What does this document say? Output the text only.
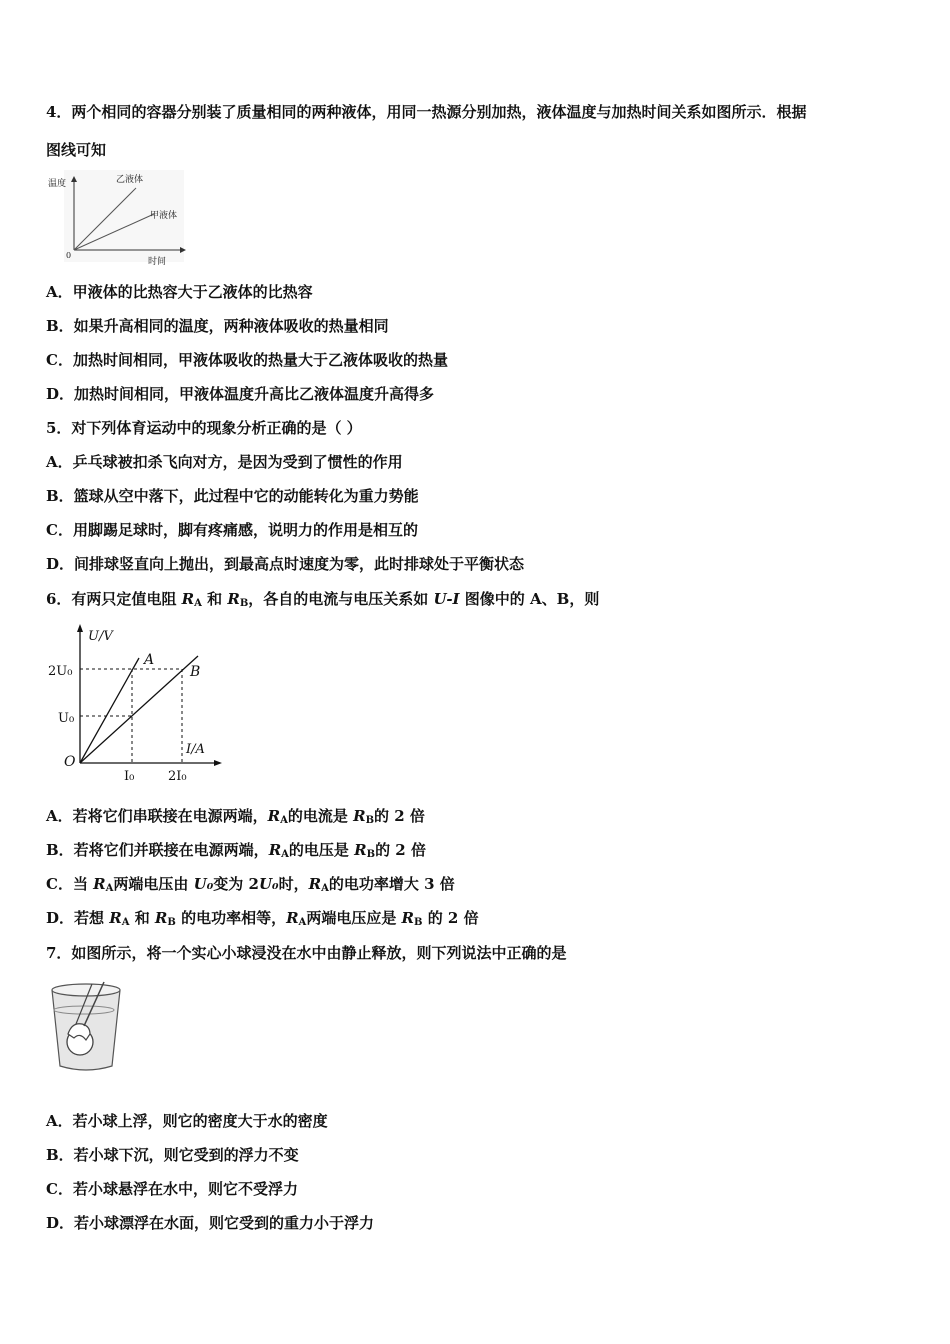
4．两个相同的容器分别装了质量相同的两种液体，用同一热源分别加热，液体温度与加热时间关系如图所示．根据
图线可知
温度
时间
0
乙液体
甲液体
A．甲液体的比热容大于乙液体的比热容
B．如果升高相同的温度，两种液体吸收的热量相同
C．加热时间相同，甲液体吸收的热量大于乙液体吸收的热量
D．加热时间相同，甲液体温度升高比乙液体温度升高得多
5．对下列体育运动中的现象分析正确的是（ ）
A．乒乓球被扣杀飞向对方，是因为受到了惯性的作用
B．篮球从空中落下，此过程中它的动能转化为重力势能
C．用脚踢足球时，脚有疼痛感，说明力的作用是相互的
D．间排球竖直向上抛出，到最高点时速度为零，此时排球处于平衡状态
6．有两只定值电阻 $R_A$ 和 $R_B$，各自的电流与电压关系如 U-I 图像中的 A、B，则
U/V
I/A
O
2U₀
U₀
I₀	2I₀
A
B
A．若将它们串联接在电源两端，$R_A$的电流是 $R_B$的 2 倍
B．若将它们并联接在电源两端，$R_A$的电压是 $R_B$的 2 倍
C．当 $R_A$两端电压由 U₀变为 2U₀时，$R_A$的电功率增大 3 倍
D．若想 $R_A$ 和 $R_B$ 的电功率相等，$R_A$两端电压应是 $R_B$ 的 2 倍
7．如图所示，将一个实心小球浸没在水中由静止释放，则下列说法中正确的是
A．若小球上浮，则它的密度大于水的密度
B．若小球下沉，则它受到的浮力不变
C．若小球悬浮在水中，则它不受浮力
D．若小球漂浮在水面，则它受到的重力小于浮力
